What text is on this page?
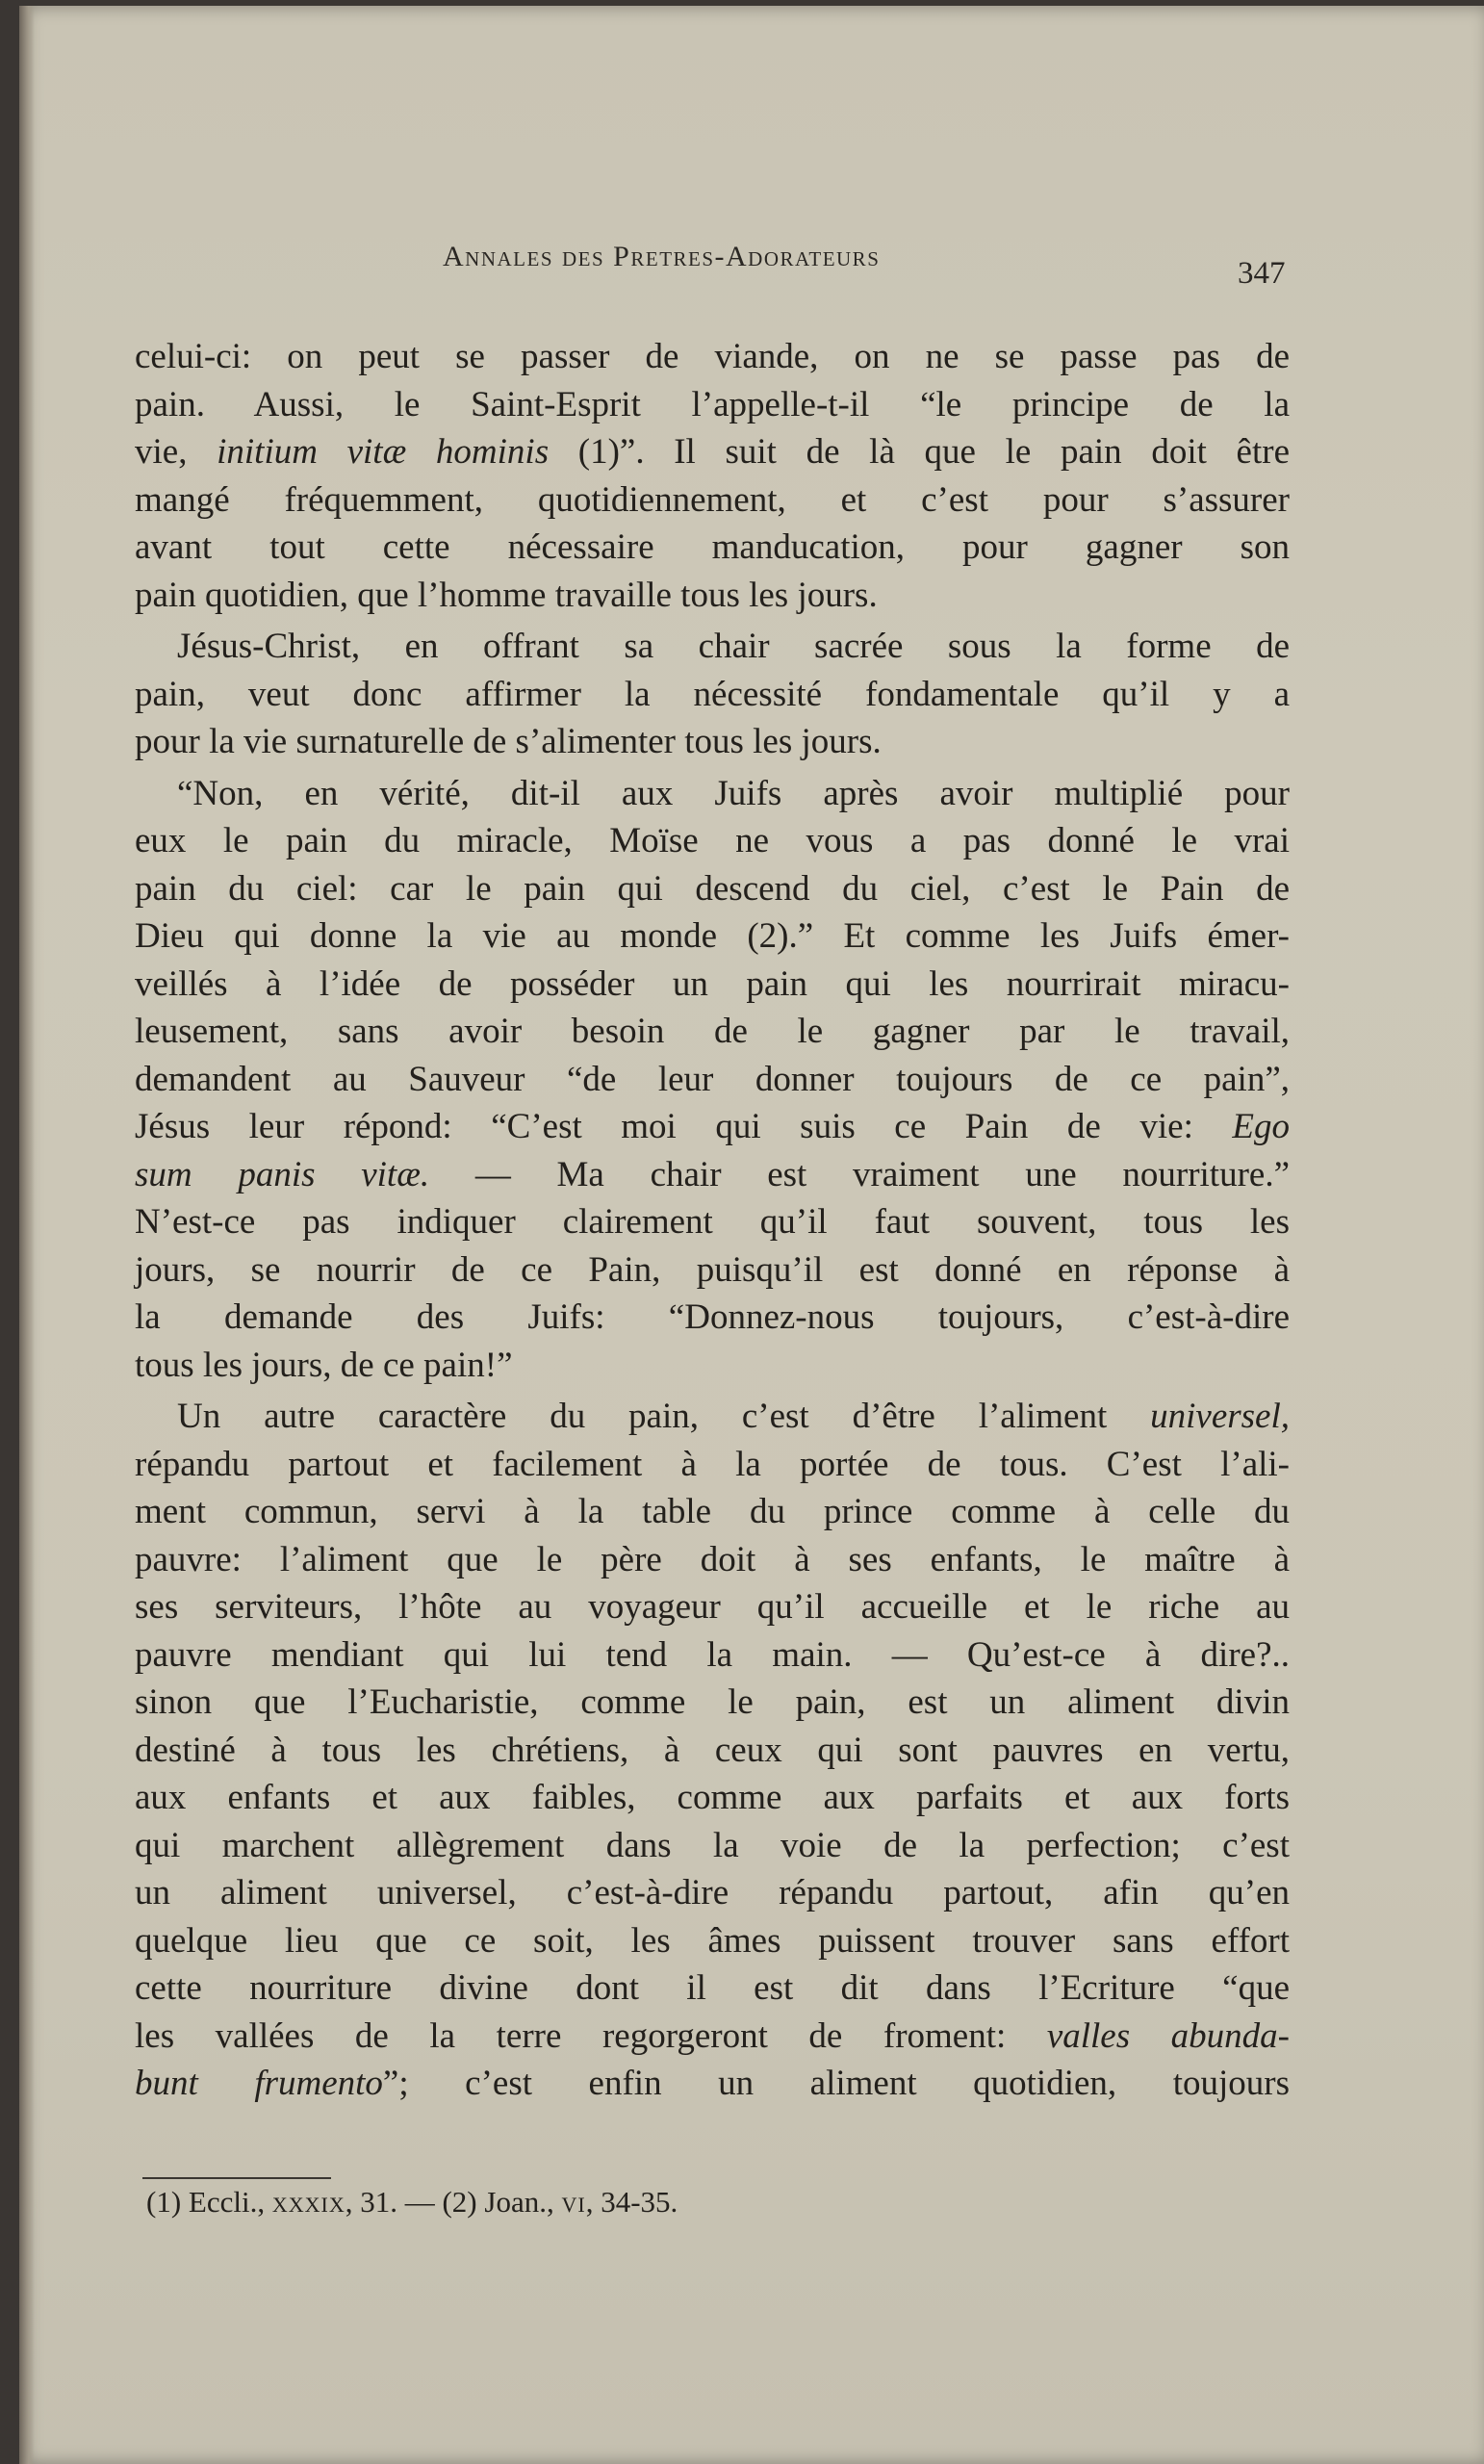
Annales des Pretres-Adorateurs	347
celui-ci: on peut se passer de viande, on ne se passe pas de
pain. Aussi, le Saint-Esprit l’appelle-t-il “le principe de la
vie, initium vitæ hominis (1)”. Il suit de là que le pain doit être
mangé fréquemment, quotidiennement, et c’est pour s’assurer
avant tout cette nécessaire manducation, pour gagner son
pain quotidien, que l’homme travaille tous les jours.
Jésus-Christ, en offrant sa chair sacrée sous la forme de
pain, veut donc affirmer la nécessité fondamentale qu’il y a
pour la vie surnaturelle de s’alimenter tous les jours.
“Non, en vérité, dit-il aux Juifs après avoir multiplié pour
eux le pain du miracle, Moïse ne vous a pas donné le vrai
pain du ciel: car le pain qui descend du ciel, c’est le Pain de
Dieu qui donne la vie au monde (2).” Et comme les Juifs émer-
veillés à l’idée de posséder un pain qui les nourrirait miracu-
leusement, sans avoir besoin de le gagner par le travail,
demandent au Sauveur “de leur donner toujours de ce pain”,
Jésus leur répond: “C’est moi qui suis ce Pain de vie: Ego
sum panis vitæ. — Ma chair est vraiment une nourriture.”
N’est-ce pas indiquer clairement qu’il faut souvent, tous les
jours, se nourrir de ce Pain, puisqu’il est donné en réponse à
la demande des Juifs: “Donnez-nous toujours, c’est-à-dire
tous les jours, de ce pain!”
Un autre caractère du pain, c’est d’être l’aliment universel,
répandu partout et facilement à la portée de tous. C’est l’ali-
ment commun, servi à la table du prince comme à celle du
pauvre: l’aliment que le père doit à ses enfants, le maître à
ses serviteurs, l’hôte au voyageur qu’il accueille et le riche au
pauvre mendiant qui lui tend la main. — Qu’est-ce à dire?..
sinon que l’Eucharistie, comme le pain, est un aliment divin
destiné à tous les chrétiens, à ceux qui sont pauvres en vertu,
aux enfants et aux faibles, comme aux parfaits et aux forts
qui marchent allègrement dans la voie de la perfection; c’est
un aliment universel, c’est-à-dire répandu partout, afin qu’en
quelque lieu que ce soit, les âmes puissent trouver sans effort
cette nourriture divine dont il est dit dans l’Ecriture “que
les vallées de la terre regorgeront de froment: valles abunda-
bunt frumento”; c’est enfin un aliment quotidien, toujours
(1) Eccli., xxxix, 31. — (2) Joan., vi, 34-35.
